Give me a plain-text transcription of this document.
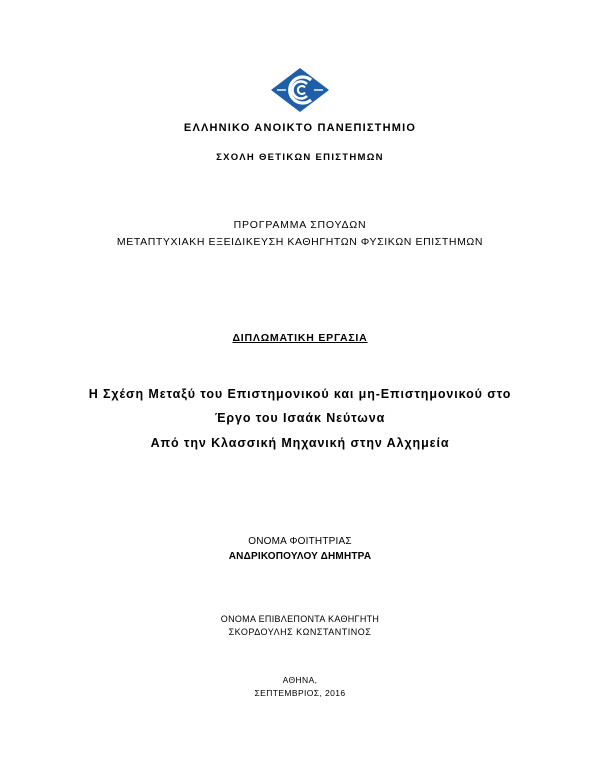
ΕΛΛΗΝΙΚΟ ΑΝΟΙΚΤΟ ΠΑΝΕΠΙΣΤΗΜΙΟ
ΣΧΟΛΗ ΘΕΤΙΚΩΝ ΕΠΙΣΤΗΜΩΝ
ΠΡΟΓΡΑΜΜΑ ΣΠΟΥΔΩΝ
ΜΕΤΑΠΤΥΧΙΑΚΗ ΕΞΕΙΔΙΚΕΥΣΗ ΚΑΘΗΓΗΤΩΝ ΦΥΣΙΚΩΝ ΕΠΙΣΤΗΜΩΝ
ΔΙΠΛΩΜΑΤΙΚΗ ΕΡΓΑΣΙΑ
Η Σχέση Μεταξύ του Επιστημονικού και μη-Επιστημονικού στο
Έργο του Ισαάκ Νεύτωνα
Από την Κλασσική Μηχανική στην Αλχημεία
ΟΝΟΜΑ ΦΟΙΤΗΤΡΙΑΣ
ΑΝΔΡΙΚΟΠΟΥΛΟΥ ΔΗΜΗΤΡΑ
ΟΝΟΜΑ ΕΠΙΒΛΕΠΟΝΤΑ ΚΑΘΗΓΗΤΗ
ΣΚΟΡΔΟΥΛΗΣ ΚΩΝΣΤΑΝΤΙΝΟΣ
ΑΘΗΝΑ,
ΣΕΠΤΕΜΒΡΙΟΣ, 2016
